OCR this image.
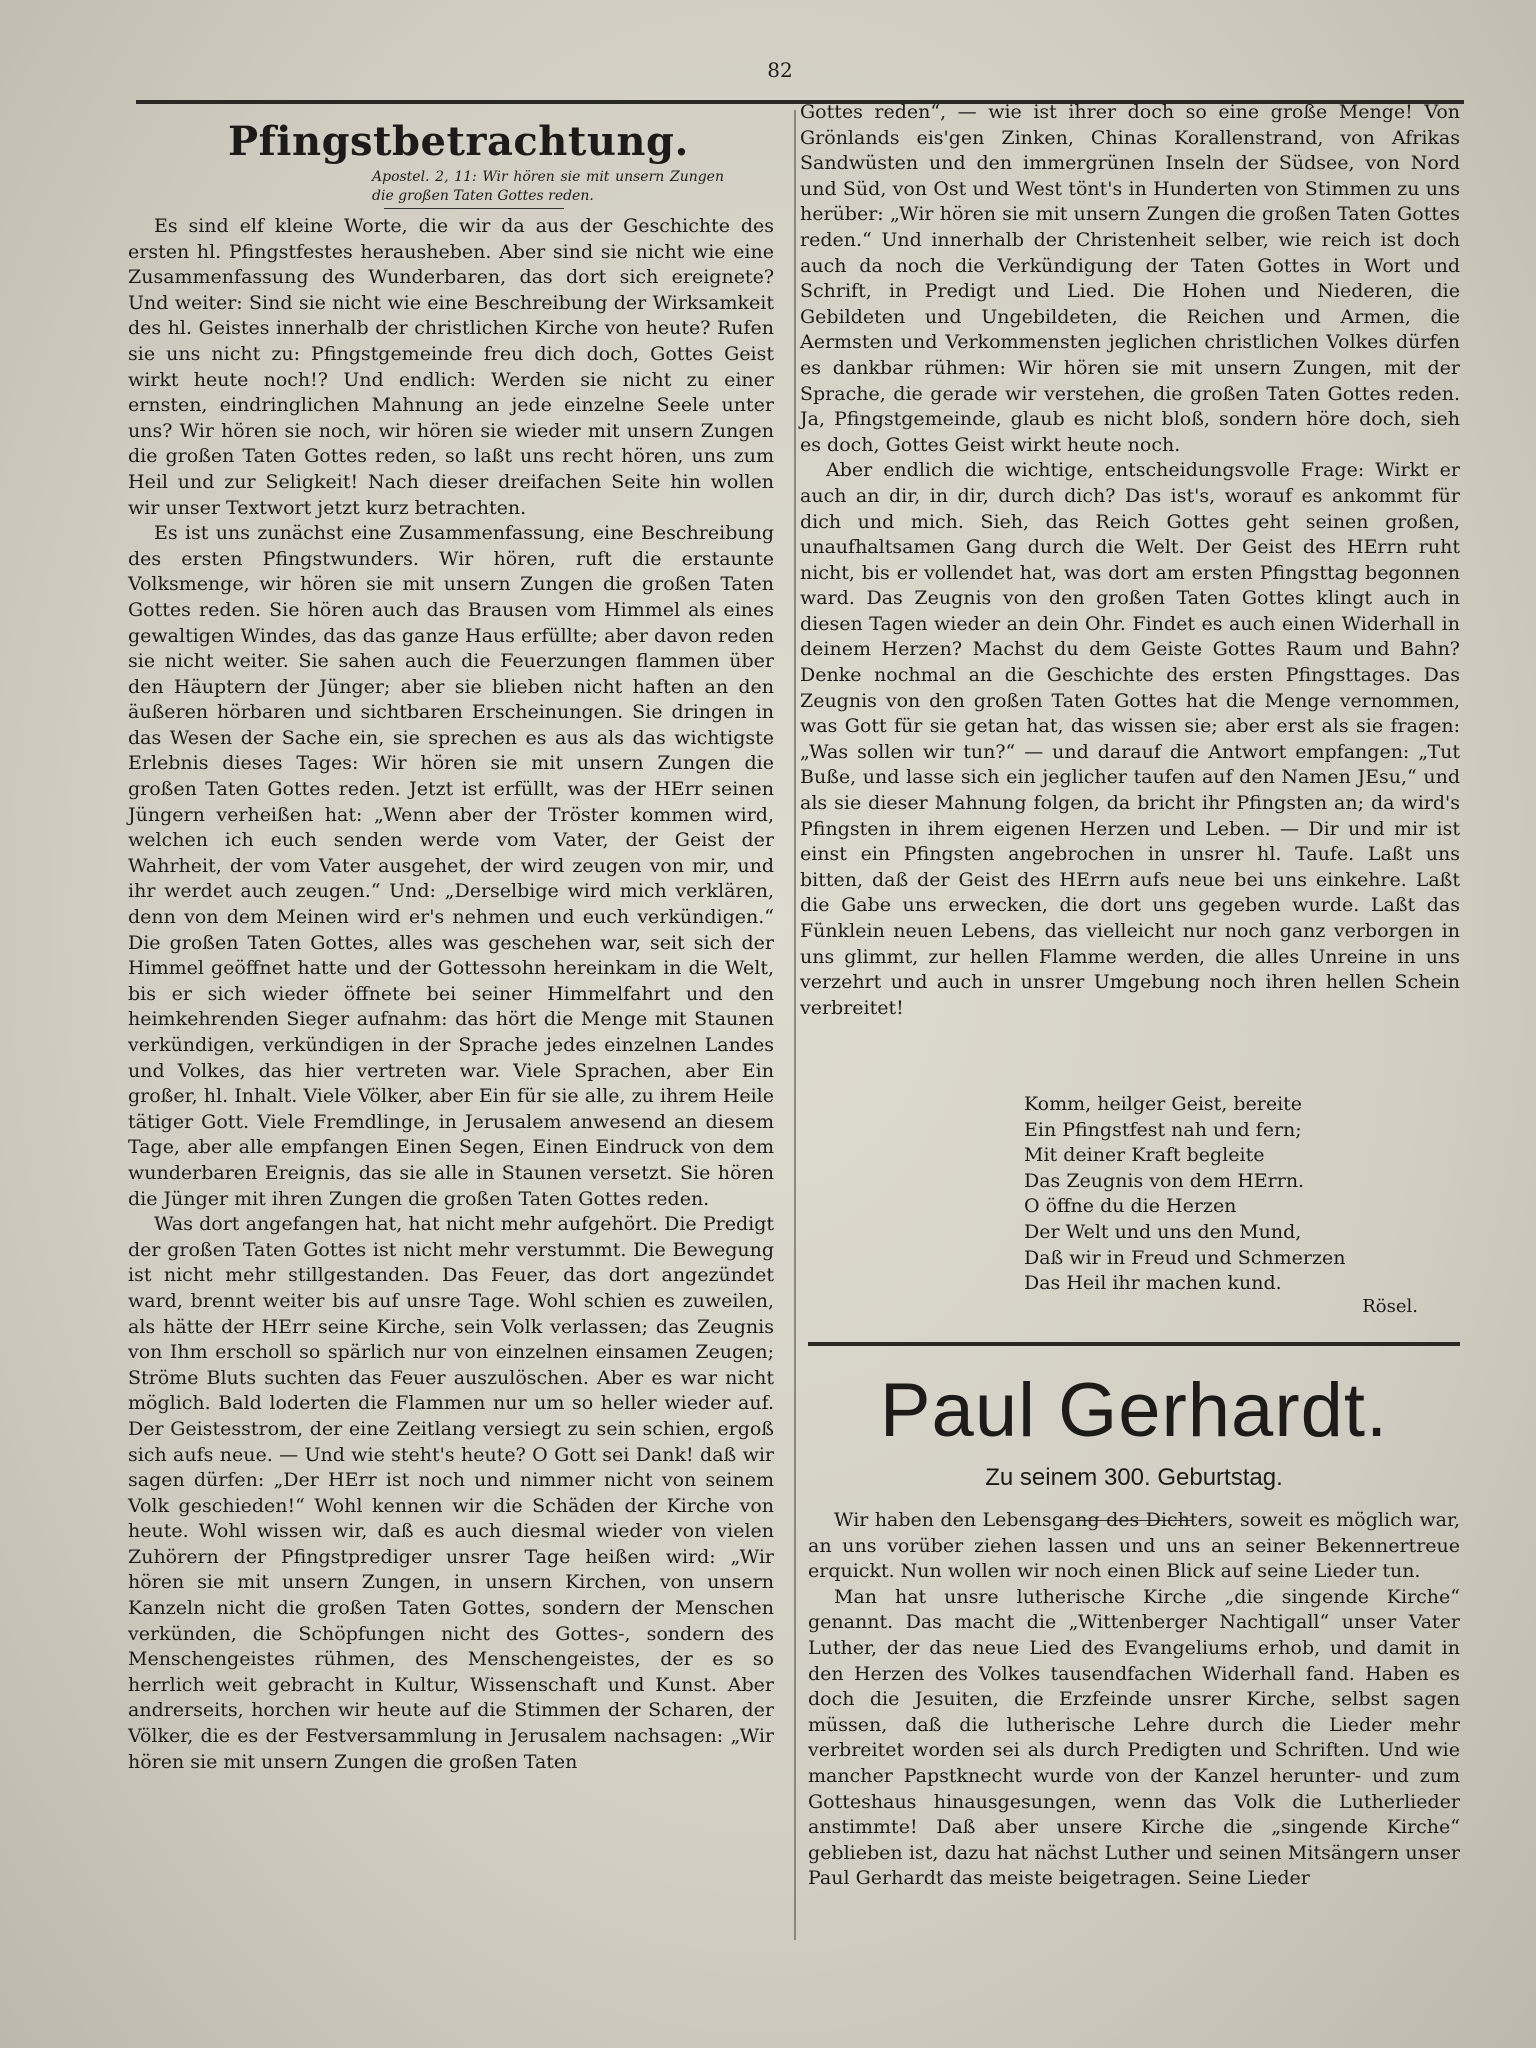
82
Pfingstbetrachtung.
Apostel. 2, 11: Wir hören sie mit unsern Zungen die großen Taten Gottes reden.

Es sind elf kleine Worte, die wir da aus der Geschichte des ersten hl. Pfingstfestes herausheben. Aber sind sie nicht wie eine Zusammenfassung des Wunderbaren, das dort sich ereignete? Und weiter: Sind sie nicht wie eine Beschreibung der Wirksamkeit des hl. Geistes innerhalb der christlichen Kirche von heute? Rufen sie uns nicht zu: Pfingstgemeinde freu dich doch, Gottes Geist wirkt heute noch!? Und endlich: Werden sie nicht zu einer ernsten, eindringlichen Mahnung an jede einzelne Seele unter uns? Wir hören sie noch, wir hören sie wieder mit unsern Zungen die großen Taten Gottes reden, so laßt uns recht hören, uns zum Heil und zur Seligkeit! Nach dieser dreifachen Seite hin wollen wir unser Textwort jetzt kurz betrachten.

Es ist uns zunächst eine Zusammenfassung, eine Beschreibung des ersten Pfingstwunders. Wir hören, ruft die erstaunte Volksmenge, wir hören sie mit unsern Zungen die großen Taten Gottes reden. Sie hören auch das Brausen vom Himmel als eines gewaltigen Windes, das das ganze Haus erfüllte; aber davon reden sie nicht weiter. Sie sahen auch die Feuerzungen flammen über den Häuptern der Jünger; aber sie blieben nicht haften an den äußeren hörbaren und sichtbaren Erscheinungen. Sie dringen in das Wesen der Sache ein, sie sprechen es aus als das wichtigste Erlebnis dieses Tages: Wir hören sie mit unsern Zungen die großen Taten Gottes reden. Jetzt ist erfüllt, was der HErr seinen Jüngern verheißen hat: „Wenn aber der Tröster kommen wird, welchen ich euch senden werde vom Vater, der Geist der Wahrheit, der vom Vater ausgehet, der wird zeugen von mir, und ihr werdet auch zeugen.“ Und: „Derselbige wird mich verklären, denn von dem Meinen wird er's nehmen und euch verkündigen.“ Die großen Taten Gottes, alles was geschehen war, seit sich der Himmel geöffnet hatte und der Gottessohn hereinkam in die Welt, bis er sich wieder öffnete bei seiner Himmelfahrt und den heimkehrenden Sieger aufnahm: das hört die Menge mit Staunen verkündigen, verkündigen in der Sprache jedes einzelnen Landes und Volkes, das hier vertreten war. Viele Sprachen, aber Ein großer, hl. Inhalt. Viele Völker, aber Ein für sie alle, zu ihrem Heile tätiger Gott. Viele Fremdlinge, in Jerusalem anwesend an diesem Tage, aber alle empfangen Einen Segen, Einen Eindruck von dem wunderbaren Ereignis, das sie alle in Staunen versetzt. Sie hören die Jünger mit ihren Zungen die großen Taten Gottes reden.

Was dort angefangen hat, hat nicht mehr aufgehört. Die Predigt der großen Taten Gottes ist nicht mehr verstummt. Die Bewegung ist nicht mehr stillgestanden. Das Feuer, das dort angezündet ward, brennt weiter bis auf unsre Tage. Wohl schien es zuweilen, als hätte der HErr seine Kirche, sein Volk verlassen; das Zeugnis von Ihm erscholl so spärlich nur von einzelnen einsamen Zeugen; Ströme Bluts suchten das Feuer auszulöschen. Aber es war nicht möglich. Bald loderten die Flammen nur um so heller wieder auf. Der Geistesstrom, der eine Zeitlang versiegt zu sein schien, ergoß sich aufs neue. — Und wie steht's heute? O Gott sei Dank! daß wir sagen dürfen: „Der HErr ist noch und nimmer nicht von seinem Volk geschieden!“ Wohl kennen wir die Schäden der Kirche von heute. Wohl wissen wir, daß es auch diesmal wieder von vielen Zuhörern der Pfingstprediger unsrer Tage heißen wird: „Wir hören sie mit unsern Zungen, in unsern Kirchen, von unsern Kanzeln nicht die großen Taten Gottes, sondern der Menschen verkünden, die Schöpfungen nicht des Gottes-, sondern des Menschengeistes rühmen, des Menschengeistes, der es so herrlich weit gebracht in Kultur, Wissenschaft und Kunst. Aber andrerseits, horchen wir heute auf die Stimmen der Scharen, der Völker, die es der Festversammlung in Jerusalem nachsagen: „Wir hören sie mit unsern Zungen die großen Taten

Gottes reden“, — wie ist ihrer doch so eine große Menge! Von Grönlands eis'gen Zinken, Chinas Korallenstrand, von Afrikas Sandwüsten und den immergrünen Inseln der Südsee, von Nord und Süd, von Ost und West tönt's in Hunderten von Stimmen zu uns herüber: „Wir hören sie mit unsern Zungen die großen Taten Gottes reden.“ Und innerhalb der Christenheit selber, wie reich ist doch auch da noch die Verkündigung der Taten Gottes in Wort und Schrift, in Predigt und Lied. Die Hohen und Niederen, die Gebildeten und Ungebildeten, die Reichen und Armen, die Aermsten und Verkommensten jeglichen christlichen Volkes dürfen es dankbar rühmen: Wir hören sie mit unsern Zungen, mit der Sprache, die gerade wir verstehen, die großen Taten Gottes reden. Ja, Pfingstgemeinde, glaub es nicht bloß, sondern höre doch, sieh es doch, Gottes Geist wirkt heute noch.

Aber endlich die wichtige, entscheidungsvolle Frage: Wirkt er auch an dir, in dir, durch dich? Das ist's, worauf es ankommt für dich und mich. Sieh, das Reich Gottes geht seinen großen, unaufhaltsamen Gang durch die Welt. Der Geist des HErrn ruht nicht, bis er vollendet hat, was dort am ersten Pfingsttag begonnen ward. Das Zeugnis von den großen Taten Gottes klingt auch in diesen Tagen wieder an dein Ohr. Findet es auch einen Widerhall in deinem Herzen? Machst du dem Geiste Gottes Raum und Bahn? Denke nochmal an die Geschichte des ersten Pfingsttages. Das Zeugnis von den großen Taten Gottes hat die Menge vernommen, was Gott für sie getan hat, das wissen sie; aber erst als sie fragen: „Was sollen wir tun?“ — und darauf die Antwort empfangen: „Tut Buße, und lasse sich ein jeglicher taufen auf den Namen JEsu,“ und als sie dieser Mahnung folgen, da bricht ihr Pfingsten an; da wird's Pfingsten in ihrem eigenen Herzen und Leben. — Dir und mir ist einst ein Pfingsten angebrochen in unsrer hl. Taufe. Laßt uns bitten, daß der Geist des HErrn aufs neue bei uns einkehre. Laßt die Gabe uns erwecken, die dort uns gegeben wurde. Laßt das Fünklein neuen Lebens, das vielleicht nur noch ganz verborgen in uns glimmt, zur hellen Flamme werden, die alles Unreine in uns verzehrt und auch in unsrer Umgebung noch ihren hellen Schein verbreitet!

Komm, heilger Geist, bereite
Ein Pfingstfest nah und fern;
Mit deiner Kraft begleite
Das Zeugnis von dem HErrn.
O öffne du die Herzen
Der Welt und uns den Mund,
Daß wir in Freud und Schmerzen
Das Heil ihr machen kund.
Rösel.
Paul Gerhardt.
Zu seinem 300. Geburtstag.

Wir haben den Lebensgang des Dichters, soweit es möglich war, an uns vorüber ziehen lassen und uns an seiner Bekennertreue erquickt. Nun wollen wir noch einen Blick auf seine Lieder tun.

Man hat unsre lutherische Kirche „die singende Kirche“ genannt. Das macht die „Wittenberger Nachtigall“ unser Vater Luther, der das neue Lied des Evangeliums erhob, und damit in den Herzen des Volkes tausendfachen Widerhall fand. Haben es doch die Jesuiten, die Erzfeinde unsrer Kirche, selbst sagen müssen, daß die lutherische Lehre durch die Lieder mehr verbreitet worden sei als durch Predigten und Schriften. Und wie mancher Papstknecht wurde von der Kanzel herunter- und zum Gotteshaus hinausgesungen, wenn das Volk die Lutherlieder anstimmte! Daß aber unsere Kirche die „singende Kirche“ geblieben ist, dazu hat nächst Luther und seinen Mitsängern unser Paul Gerhardt das meiste beigetragen. Seine Lieder
